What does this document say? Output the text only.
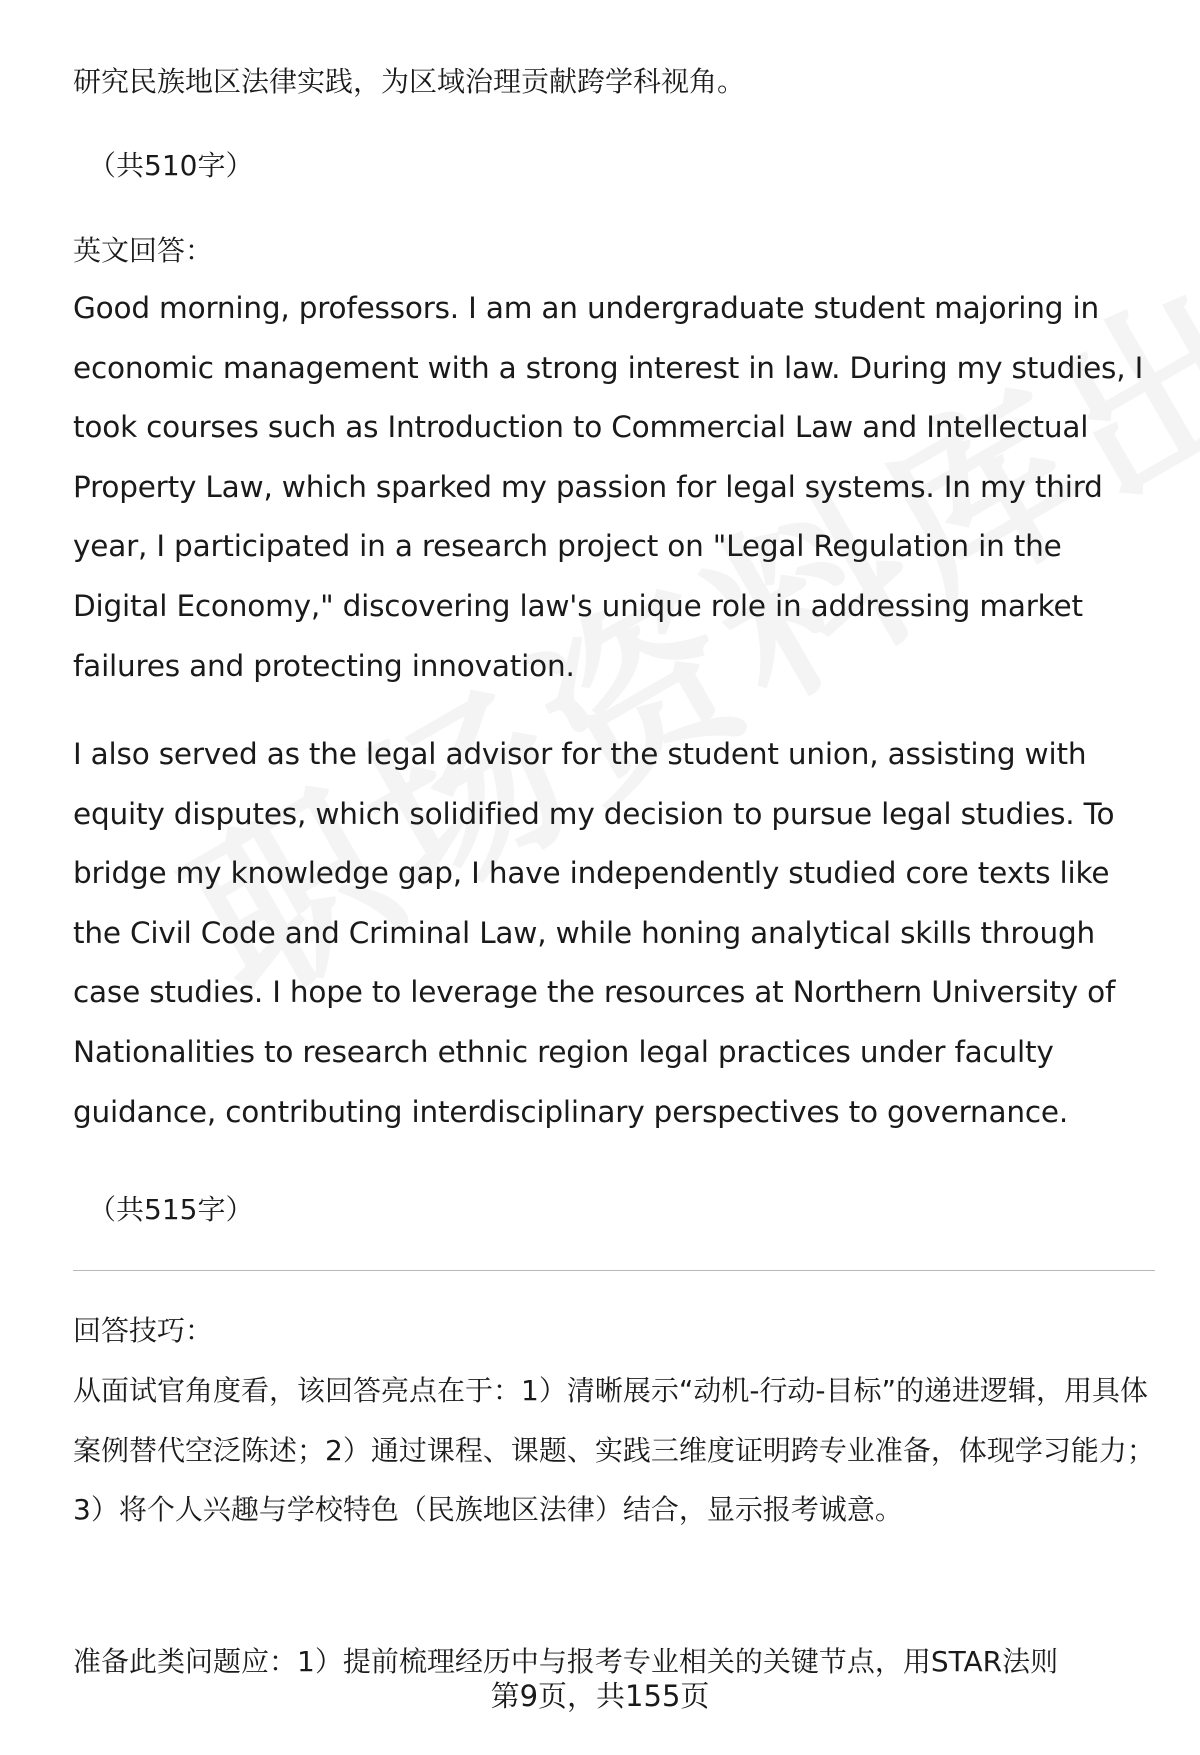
研究民族地区法律实践，为区域治理贡献跨学科视角。

（共510字）

英文回答：

Good morning, professors. I am an undergraduate student majoring in economic management with a strong interest in law. During my studies, I took courses such as Introduction to Commercial Law and Intellectual Property Law, which sparked my passion for legal systems. In my third year, I participated in a research project on "Legal Regulation in the Digital Economy," discovering law's unique role in addressing market failures and protecting innovation.

I also served as the legal advisor for the student union, assisting with equity disputes, which solidified my decision to pursue legal studies. To bridge my knowledge gap, I have independently studied core texts like the Civil Code and Criminal Law, while honing analytical skills through case studies. I hope to leverage the resources at Northern University of Nationalities to research ethnic region legal practices under faculty guidance, contributing interdisciplinary perspectives to governance.

（共515字）

回答技巧：

从面试官角度看，该回答亮点在于：1）清晰展示“动机-行动-目标”的递进逻辑，用具体案例替代空泛陈述；2）通过课程、课题、实践三维度证明跨专业准备，体现学习能力；3）将个人兴趣与学校特色（民族地区法律）结合，显示报考诚意。

准备此类问题应：1）提前梳理经历中与报考专业相关的关键节点，用STAR法则

第9页，共155页
